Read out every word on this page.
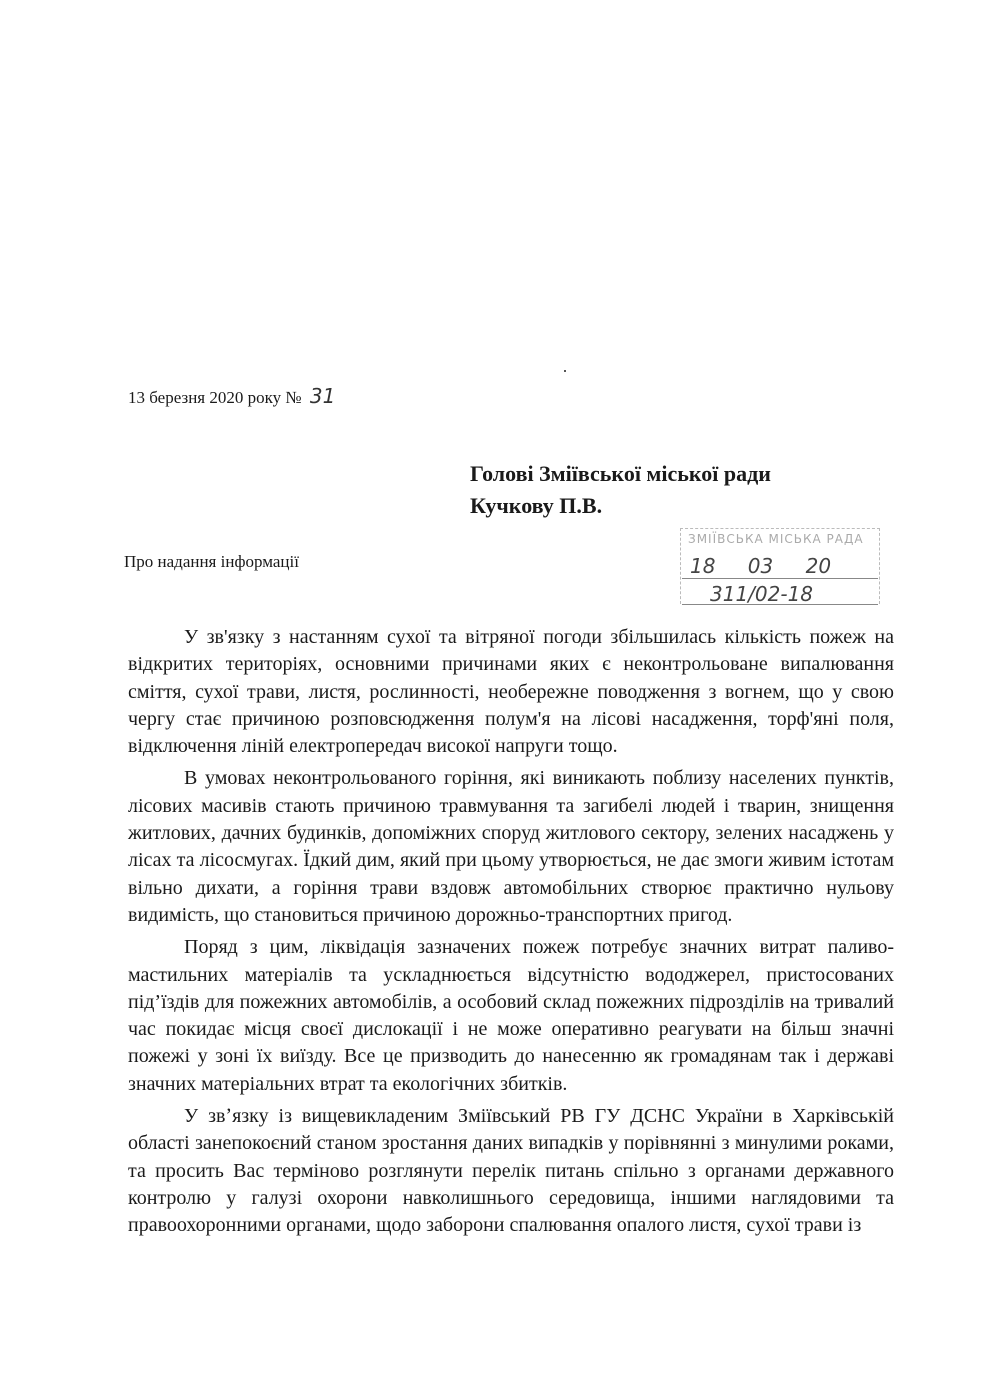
13 березня 2020 року № 31
Голові Зміївської міської ради
Кучкову П.В.
Про надання інформації
ЗМІЇВСЬКА МІСЬКА РАДА
18 03 20
311/02-18

У зв'язку з настанням сухої та вітряної погоди збільшилась кількість пожеж на відкритих територіях, основними причинами яких є неконтрольоване випалювання сміття, сухої трави, листя, рослинності, необережне поводження з вогнем, що у свою чергу стає причиною розповсюдження полум'я на лісові насадження, торф'яні поля, відключення ліній електропередач високої напруги тощо.

В умовах неконтрольованого горіння, які виникають поблизу населених пунктів, лісових масивів стають причиною травмування та загибелі людей і тварин, знищення житлових, дачних будинків, допоміжних споруд житлового сектору, зелених насаджень у лісах та лісосмугах. Їдкий дим, який при цьому утворюється, не дає змоги живим істотам вільно дихати, а горіння трави вздовж автомобільних створює практично нульову видимість, що становиться причиною дорожньо-транспортних пригод.

Поряд з цим, ліквідація зазначених пожеж потребує значних витрат паливо-мастильних матеріалів та ускладнюється відсутністю вододжерел, пристосованих під’їздів для пожежних автомобілів, а особовий склад пожежних підрозділів на тривалий час покидає місця своєї дислокації і не може оперативно реагувати на більш значні пожежі у зоні їх виїзду. Все це призводить до нанесенню як громадянам так і державі значних матеріальних втрат та екологічних збитків.

У звʼязку із вищевикладеним Зміївський РВ ГУ ДСНС України в Харківській області занепокоєний станом зростання даних випадків у порівнянні з минулими роками, та просить Вас терміново розглянути перелік питань спільно з органами державного контролю у галузі охорони навколишнього середовища, іншими наглядовими та правоохоронними органами, щодо заборони спалювання опалого листя, сухої трави із
